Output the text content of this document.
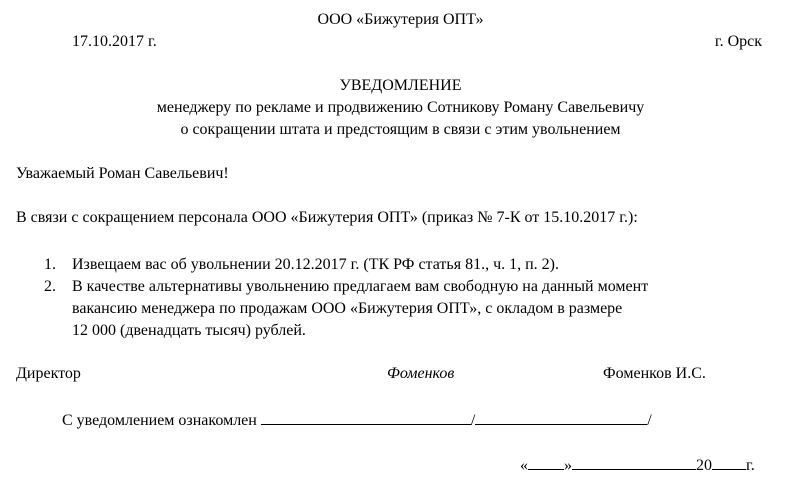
ООО «Бижутерия ОПТ»
17.10.2017 г.	г. Орск
УВЕДОМЛЕНИЕ
менеджеру по рекламе и продвижению Сотникову Роману Савельевичу
о сокращении штата и предстоящим в связи с этим увольнением
Уважаемый Роман Савельевич!
В связи с сокращением персонала ООО «Бижутерия ОПТ» (приказ № 7-К от 15.10.2017 г.):
1. Извещаем вас об увольнении 20.12.2017 г. (ТК РФ статья 81., ч. 1, п. 2).
2. В качестве альтернативы увольнению предлагаем вам свободную на данный момент
вакансию менеджера по продажам ООО «Бижутерия ОПТ», с окладом в размере
12 000 (двенадцать тысяч) рублей.
Директор	Фоменков	Фоменков И.С.
С уведомлением ознакомлен	/	/
« »	20 г.
